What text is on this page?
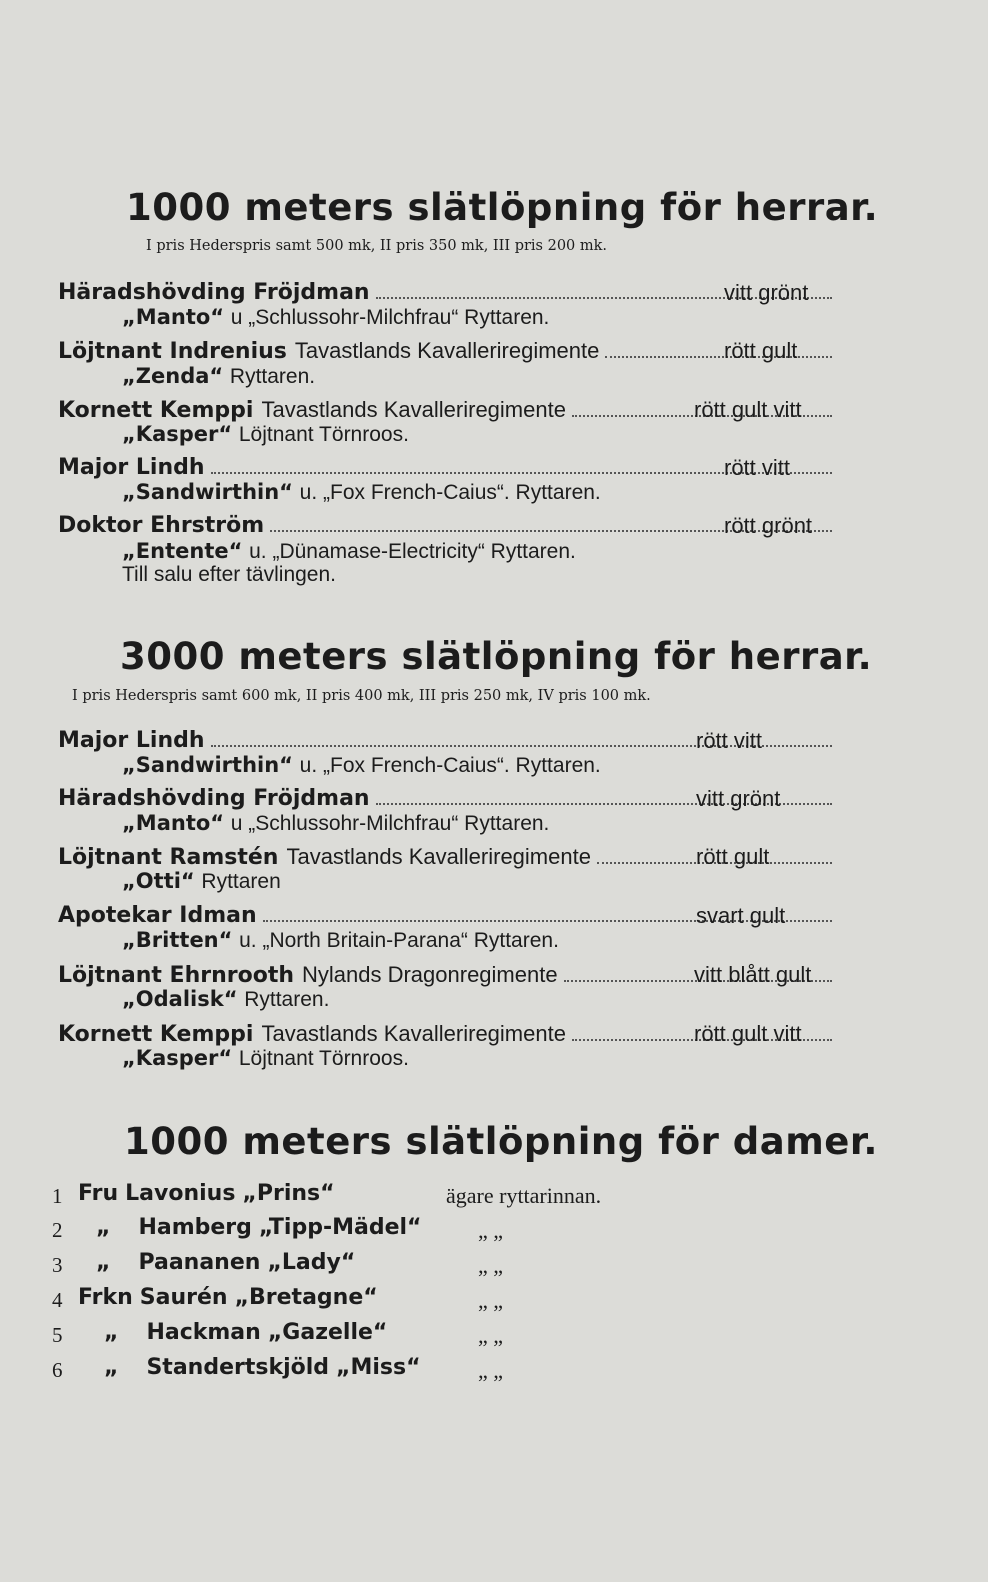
1000 meters slätlöpning för herrar.
I pris Hederspris samt 500 mk, II pris 350 mk, III pris 200 mk.
Häradshövding Fröjdman	vitt grönt
„Manto“ u „Schlussohr-Milchfrau“ Ryttaren.
Löjtnant Indrenius Tavastlands Kavalleriregimente	rött gult
„Zenda“ Ryttaren.
Kornett Kemppi Tavastlands Kavalleriregimente	rött gult vitt
„Kasper“ Löjtnant Törnroos.
Major Lindh	rött vitt
„Sandwirthin“ u. „Fox French-Caius“. Ryttaren.
Doktor Ehrström	rött grönt
„Entente“ u. „Dünamase-Electricity“ Ryttaren.
Till salu efter tävlingen.
3000 meters slätlöpning för herrar.
I pris Hederspris samt 600 mk, II pris 400 mk, III pris 250 mk, IV pris 100 mk.
Major Lindh	rött vitt
„Sandwirthin“ u. „Fox French-Caius“. Ryttaren.
Häradshövding Fröjdman	vitt grönt
„Manto“ u „Schlussohr-Milchfrau“ Ryttaren.
Löjtnant Ramstén Tavastlands Kavalleriregimente	rött gult
„Otti“ Ryttaren
Apotekar Idman	svart gult
„Britten“ u. „North Britain-Parana“ Ryttaren.
Löjtnant Ehrnrooth Nylands Dragonregimente	vitt blått gult
„Odalisk“ Ryttaren.
Kornett Kemppi Tavastlands Kavalleriregimente	rött gult vitt
„Kasper“ Löjtnant Törnroos.
1000 meters slätlöpning för damer.
1 Fru Lavonius „Prins“	ägare ryttarinnan.
2 „ Hamberg „Tipp-Mädel“	„ „
3 „ Paananen „Lady“	„ „
4 Frkn Saurén „Bretagne“	„ „
5 „ Hackman „Gazelle“	„ „
6 „ Standertskjöld „Miss“	„ „
